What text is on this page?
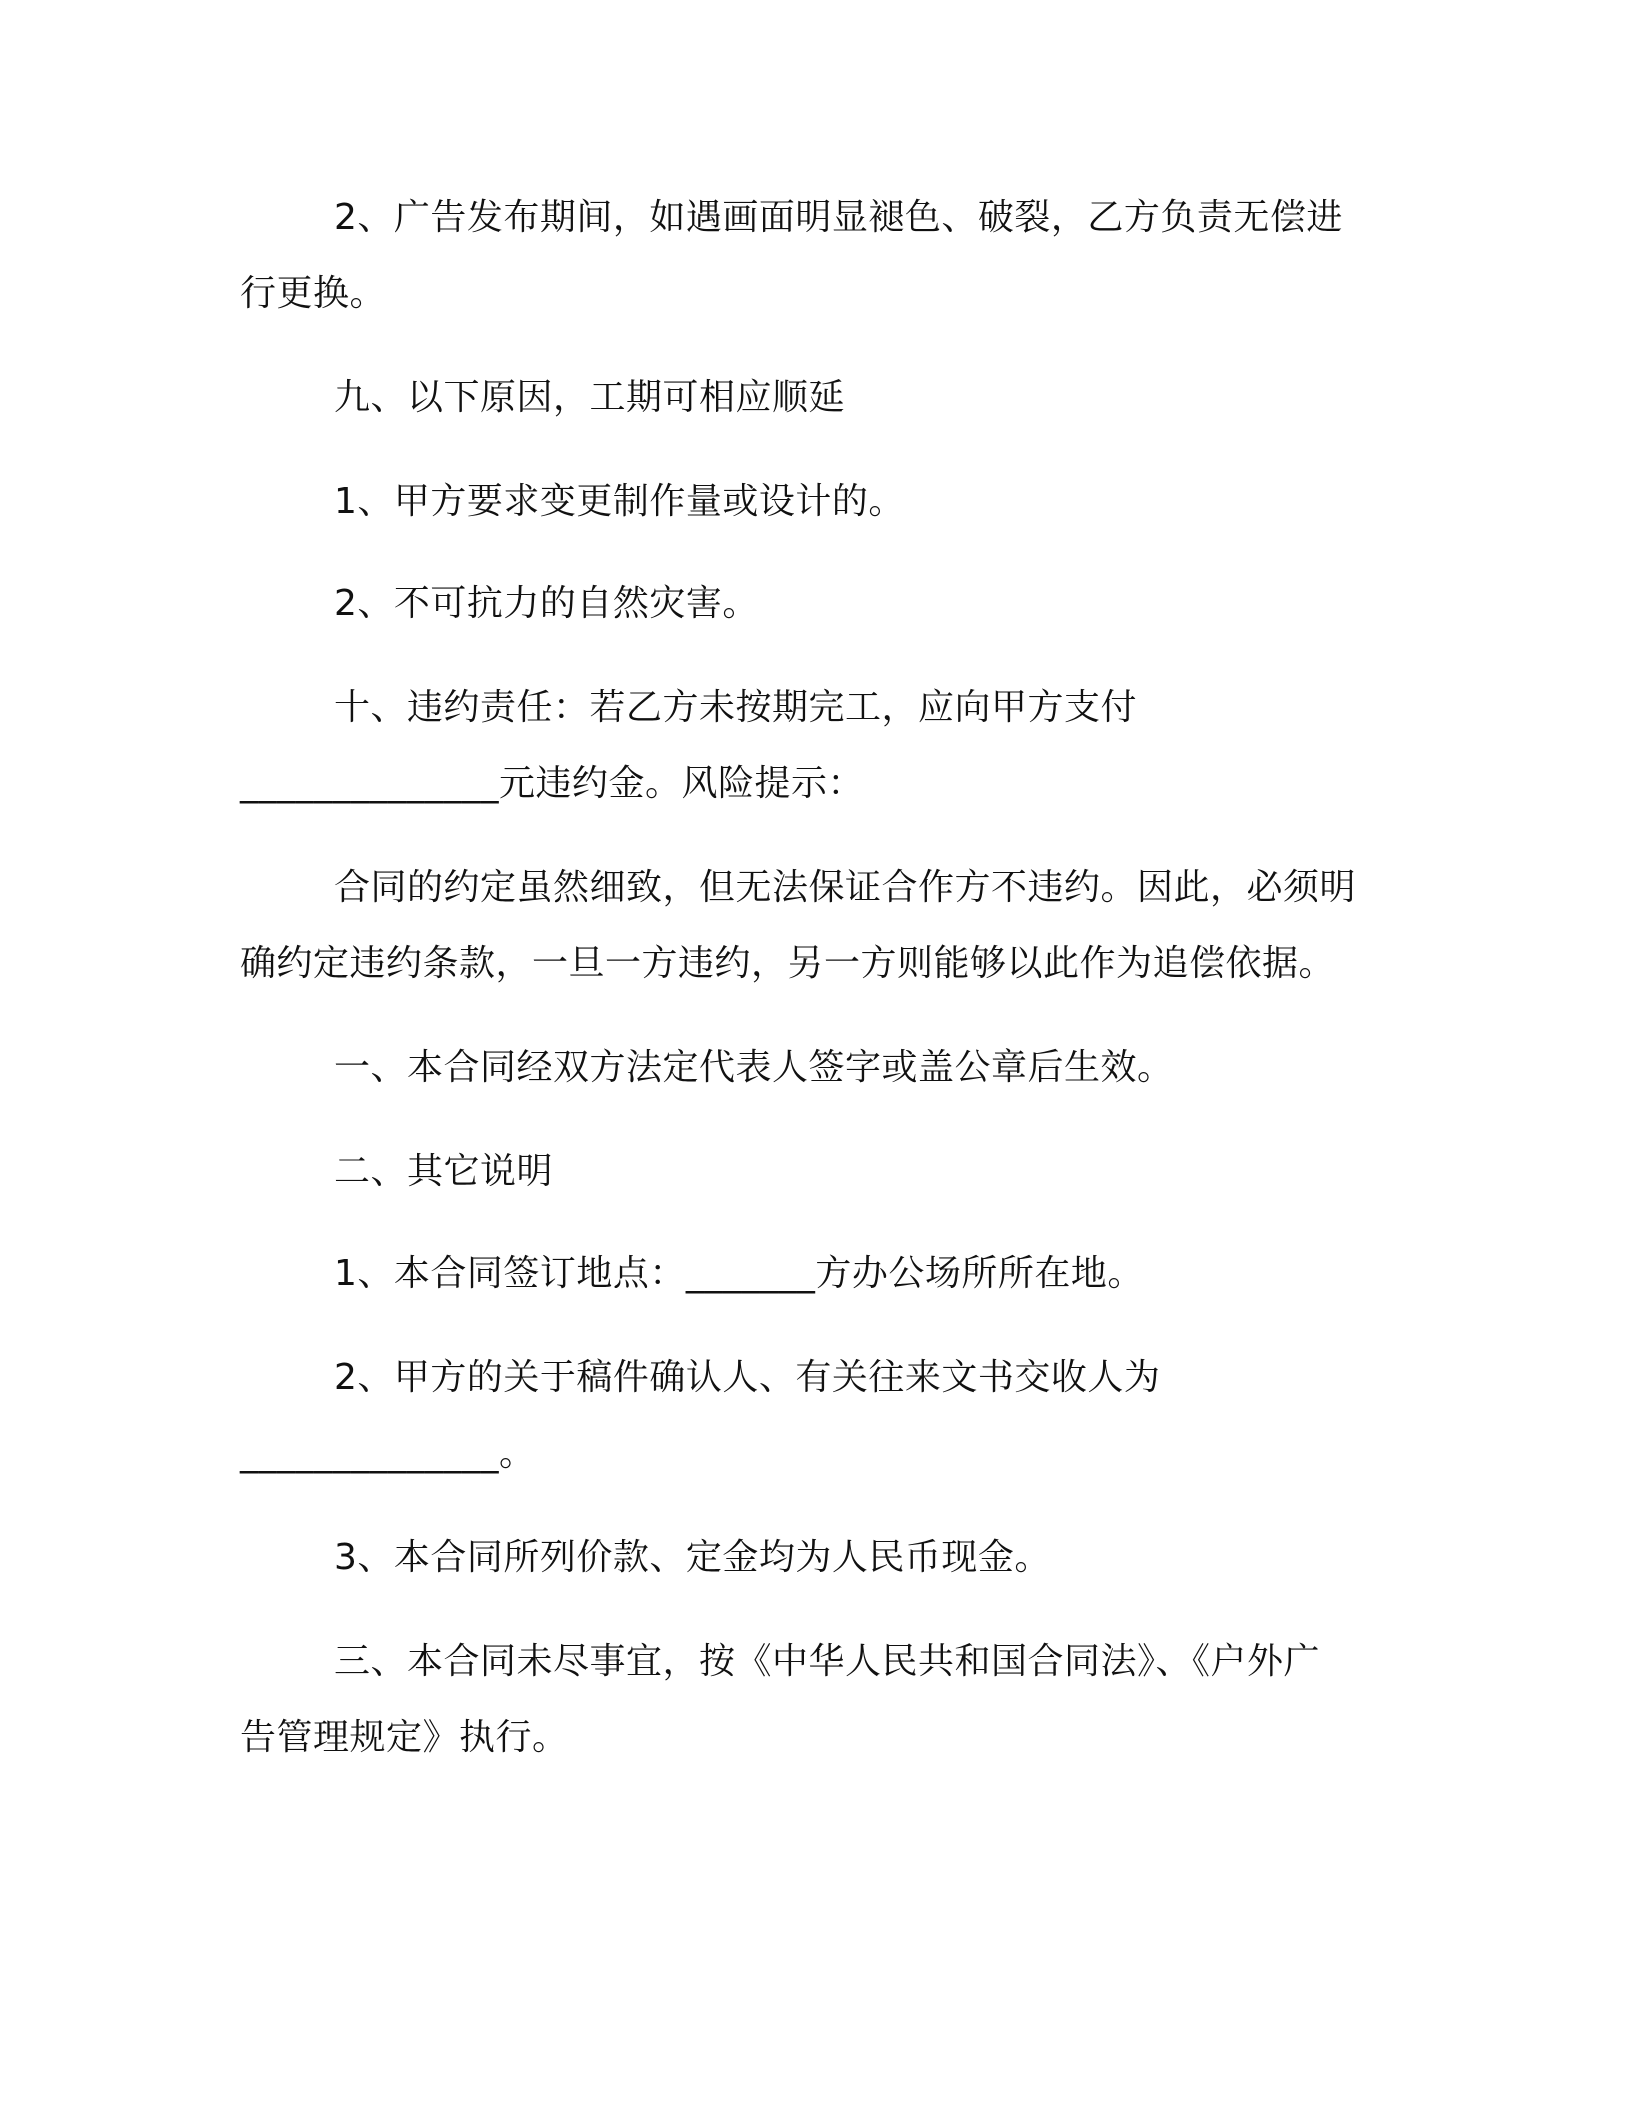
2、广告发布期间，如遇画面明显褪色、破裂，乙方负责无偿进
行更换。
九、以下原因，工期可相应顺延
1、甲方要求变更制作量或设计的。
2、不可抗力的自然灾害。
十、违约责任：若乙方未按期完工，应向甲方支付
______________元违约金。风险提示：
合同的约定虽然细致，但无法保证合作方不违约。因此，必须明
确约定违约条款，一旦一方违约，另一方则能够以此作为追偿依据。
一、本合同经双方法定代表人签字或盖公章后生效。
二、其它说明
1、本合同签订地点：_______方办公场所所在地。
2、甲方的关于稿件确认人、有关往来文书交收人为
______________。
3、本合同所列价款、定金均为人民币现金。
三、本合同未尽事宜，按《中华人民共和国合同法》、《户外广
告管理规定》执行。
